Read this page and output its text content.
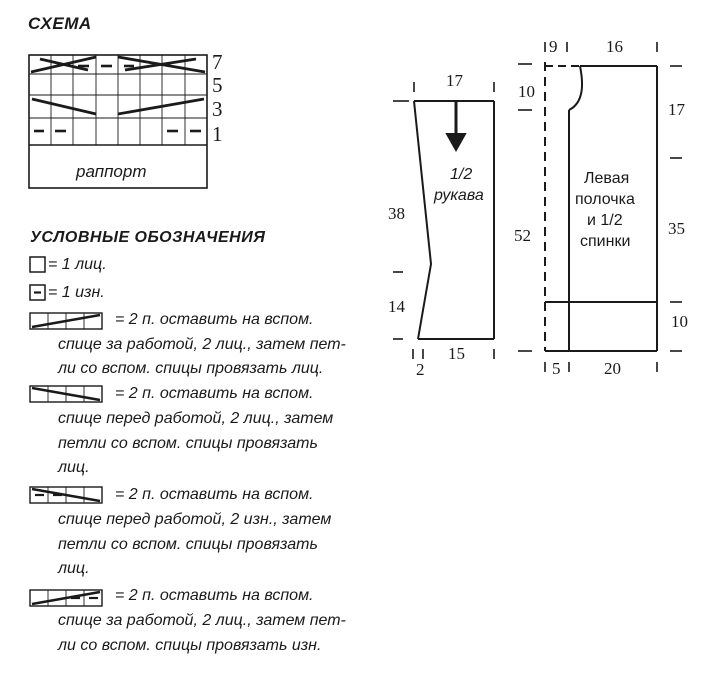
СХЕМА
7
5
3
1
раппорт
УСЛОВНЫЕ ОБОЗНАЧЕНИЯ
= 1 лиц.
= 1 изн.
= 2 п. оставить на вспом.
спице за работой, 2 лиц., затем пет-
ли со вспом. спицы провязать лиц.
= 2 п. оставить на вспом.
спице перед работой, 2 лиц., затем
петли со вспом. спицы провязать
лиц.
= 2 п. оставить на вспом.
спице перед работой, 2 изн., затем
петли со вспом. спицы провязать
лиц.
= 2 п. оставить на вспом.
спице за работой, 2 лиц., затем пет-
ли со вспом. спицы провязать изн.
17
1/2
рукава
38
14
2
15
9	16
10
17
Левая
полочка
и 1/2
спинки
52	35
10
5	20
